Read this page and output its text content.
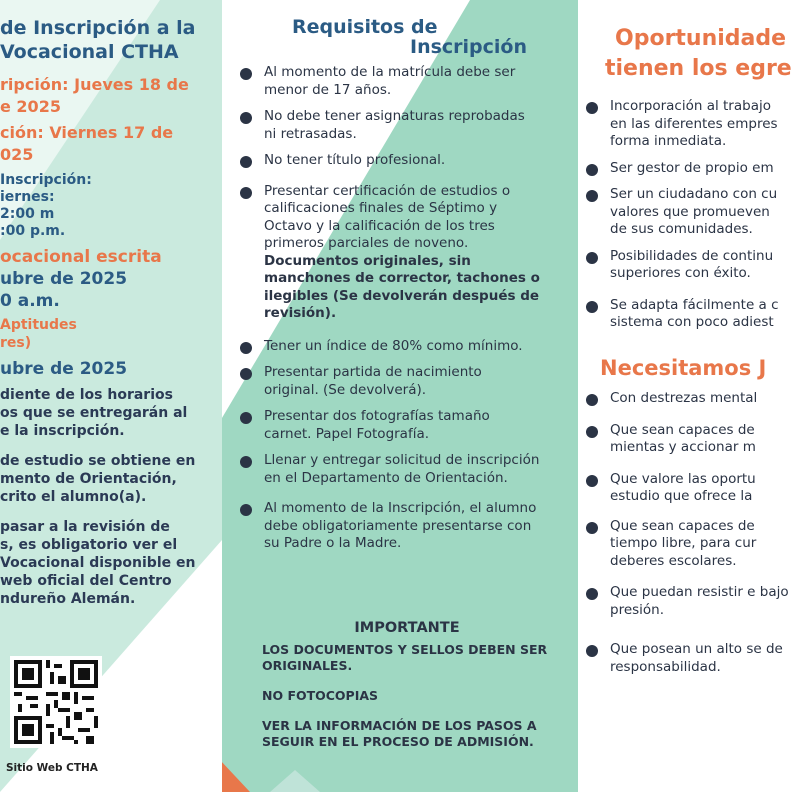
de Inscripción a la

Vocacional CTHA

ripción: Jueves 18 de

e 2025

ción: Viernes 17 de

025

Inscripción:

iernes:

2:00 m

:00 p.m.

ocacional escrita

ubre de 2025

0 a.m.

Aptitudes

res)

ubre de 2025

diente de los horarios

os que se entregarán al

e la inscripción.

de estudio se obtiene en

mento de Orientación,

crito el alumno(a).

pasar a la revisión de

s, es obligatorio ver el

Vocacional disponible en

web oficial del Centro

ndureño Alemán.

Sitio Web CTHA
Requisitos de
Inscripción
Al momento de la matrícula debe ser menor de 17 años.
No debe tener asignaturas reprobadas ni retrasadas.
No tener título profesional.
Presentar certificación de estudios o calificaciones finales de Séptimo y Octavo y la calificación de los tres primeros parciales de noveno. Documentos originales, sin manchones de corrector, tachones o ilegibles (Se devolverán después de revisión).
Tener un índice de 80% como mínimo.
Presentar partida de nacimiento original. (Se devolverá).
Presentar dos fotografías tamaño carnet. Papel Fotografía.
Llenar y entregar solicitud de inscripción en el Departamento de Orientación.
Al momento de la Inscripción, el alumno debe obligatoriamente presentarse con su Padre o la Madre.
IMPORTANTE
LOS DOCUMENTOS Y SELLOS DEBEN SER ORIGINALES.
NO FOTOCOPIAS
VER LA INFORMACIÓN DE LOS PASOS A SEGUIR EN EL PROCESO DE ADMISIÓN.
Oportunidade
tienen los egre
Incorporación al trabajo en las diferentes empres forma inmediata.
Ser gestor de propio em
Ser un ciudadano con cu valores que promueven de sus comunidades.
Posibilidades de continu superiores con éxito.
Se adapta fácilmente a c sistema con poco adiest
Necesitamos J
Con destrezas mental
Que sean capaces de mientas y accionar m
Que valore las oportu estudio que ofrece la
Que sean capaces de tiempo libre, para cur deberes escolares.
Que puedan resistir e bajo presión.
Que posean un alto se de responsabilidad.
